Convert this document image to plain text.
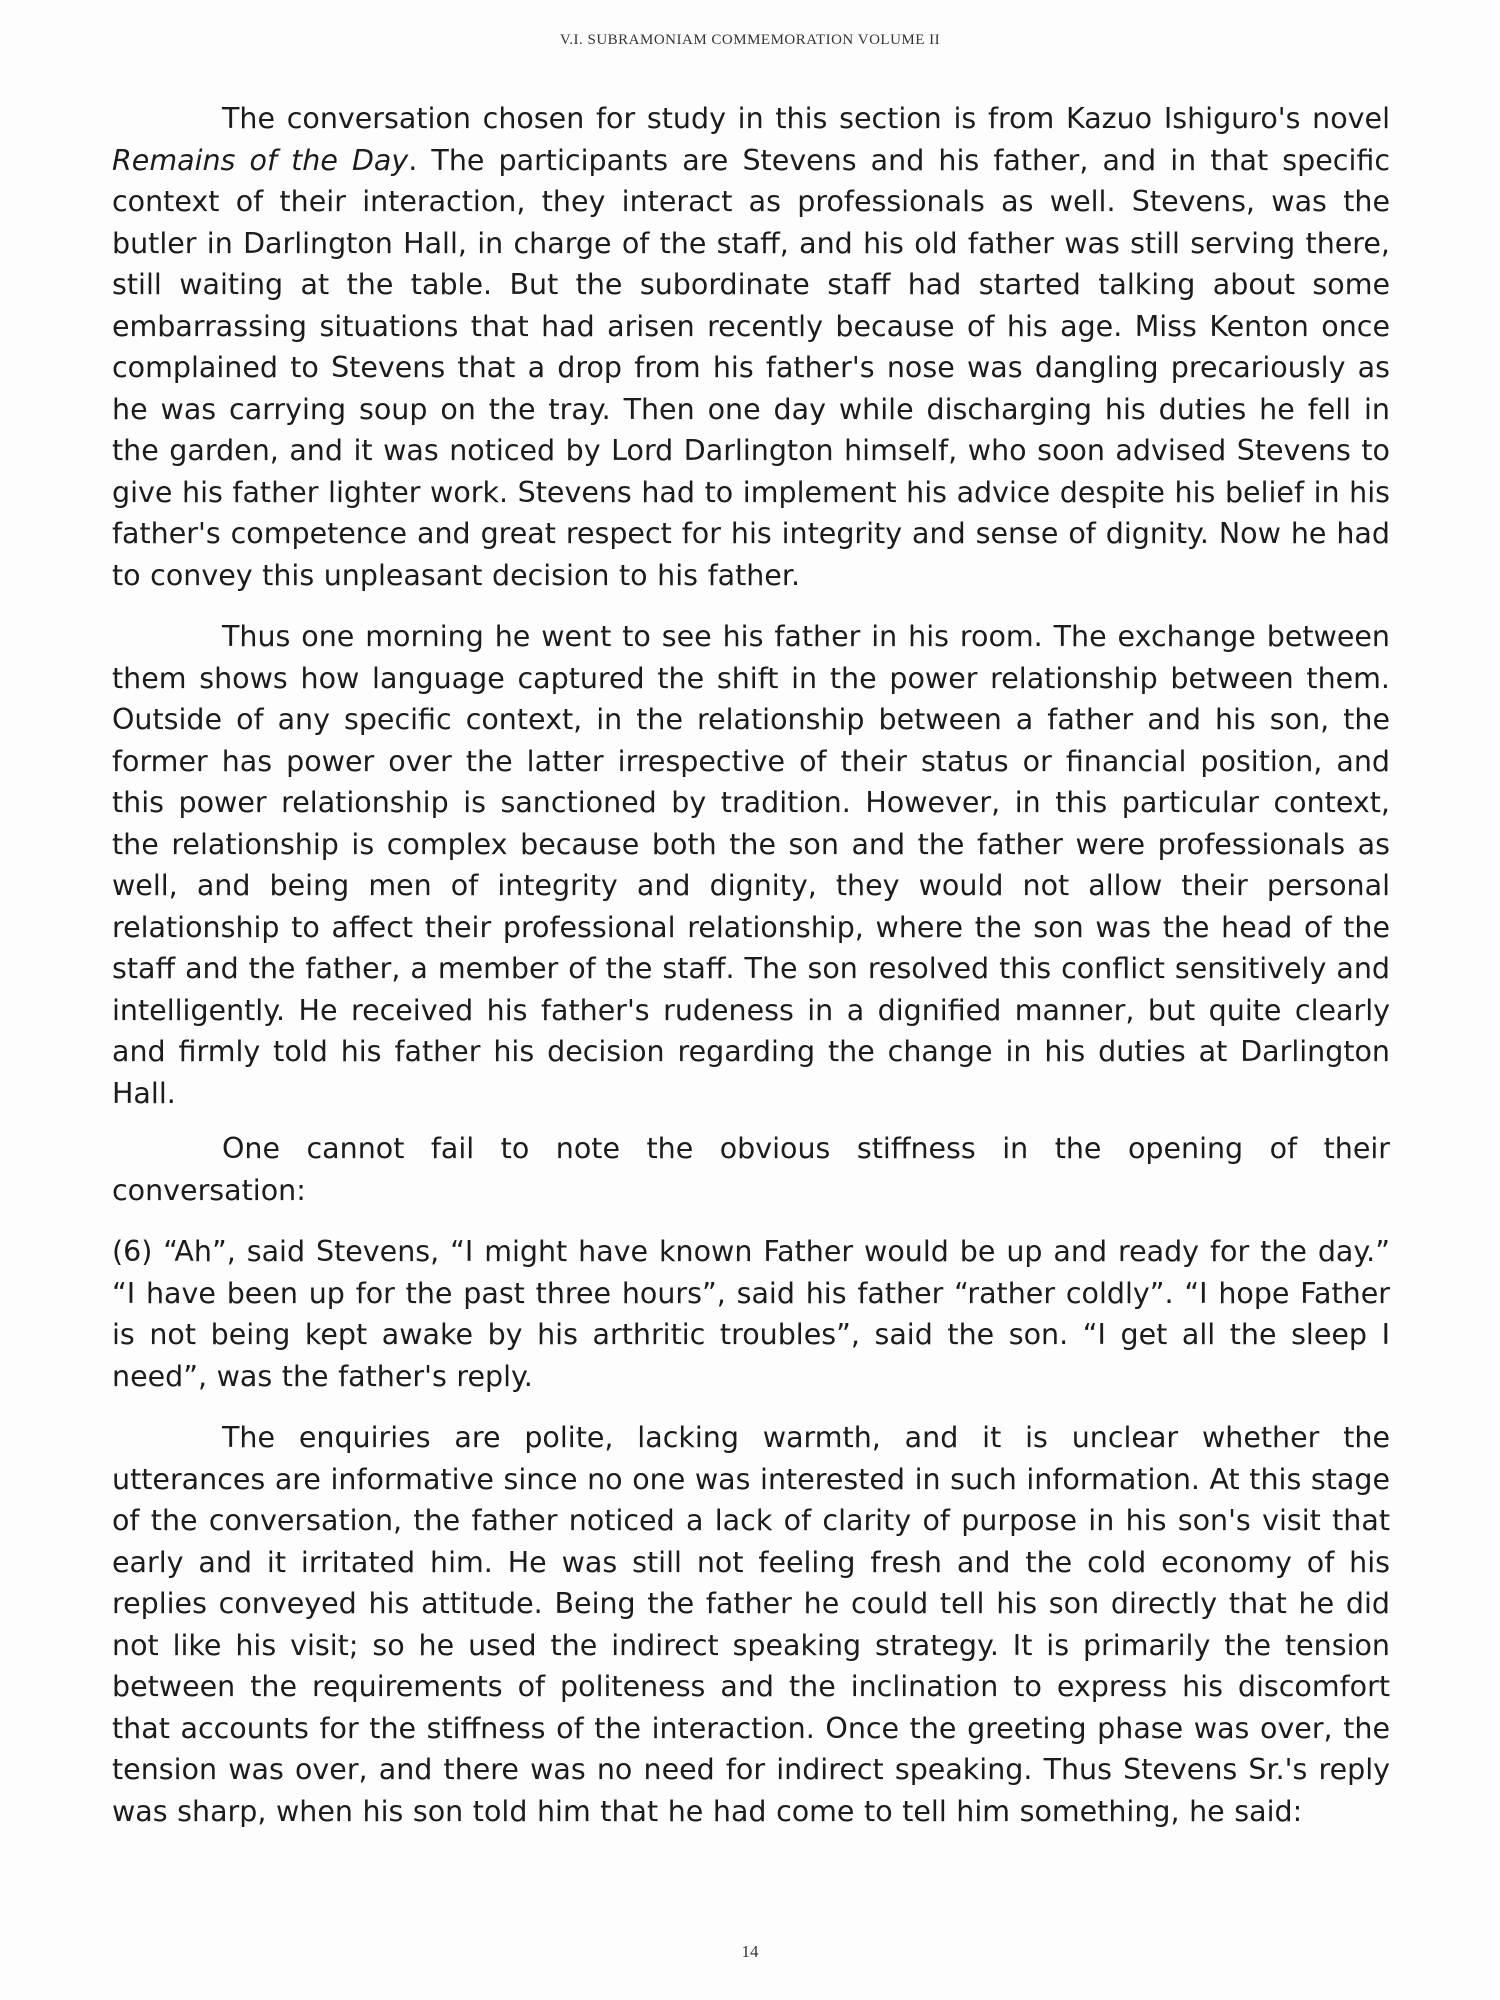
V.I. SUBRAMONIAM COMMEMORATION VOLUME II

The conversation chosen for study in this section is from Kazuo Ishiguro's novel Remains of the Day. The participants are Stevens and his father, and in that specific context of their interaction, they interact as professionals as well. Stevens, was the butler in Darlington Hall, in charge of the staff, and his old father was still serving there, still waiting at the table. But the subordinate staff had started talking about some embarrassing situations that had arisen recently because of his age. Miss Kenton once complained to Stevens that a drop from his father's nose was dangling precariously as he was carrying soup on the tray. Then one day while discharging his duties he fell in the garden, and it was noticed by Lord Darlington himself, who soon advised Stevens to give his father lighter work. Stevens had to implement his advice despite his belief in his father's competence and great respect for his integrity and sense of dignity. Now he had to convey this unpleasant decision to his father.

Thus one morning he went to see his father in his room. The exchange between them shows how language captured the shift in the power relationship between them. Outside of any specific context, in the relationship between a father and his son, the former has power over the latter irrespective of their status or financial position, and this power relationship is sanctioned by tradition. However, in this particular context, the relationship is complex because both the son and the father were professionals as well, and being men of integrity and dignity, they would not allow their personal relationship to affect their professional relationship, where the son was the head of the staff and the father, a member of the staff. The son resolved this conflict sensitively and intelligently. He received his father's rudeness in a dignified manner, but quite clearly and firmly told his father his decision regarding the change in his duties at Darlington Hall.

One cannot fail to note the obvious stiffness in the opening of their conversation:

(6) “Ah”, said Stevens, “I might have known Father would be up and ready for the day.” “I have been up for the past three hours”, said his father “rather coldly”. “I hope Father is not being kept awake by his arthritic troubles”, said the son. “I get all the sleep I need”, was the father's reply.

The enquiries are polite, lacking warmth, and it is unclear whether the utterances are informative since no one was interested in such information. At this stage of the conversation, the father noticed a lack of clarity of purpose in his son's visit that early and it irritated him. He was still not feeling fresh and the cold economy of his replies conveyed his attitude. Being the father he could tell his son directly that he did not like his visit; so he used the indirect speaking strategy. It is primarily the tension between the requirements of politeness and the inclination to express his discomfort that accounts for the stiffness of the interaction. Once the greeting phase was over, the tension was over, and there was no need for indirect speaking. Thus Stevens Sr.'s reply was sharp, when his son told him that he had come to tell him something, he said:

14
